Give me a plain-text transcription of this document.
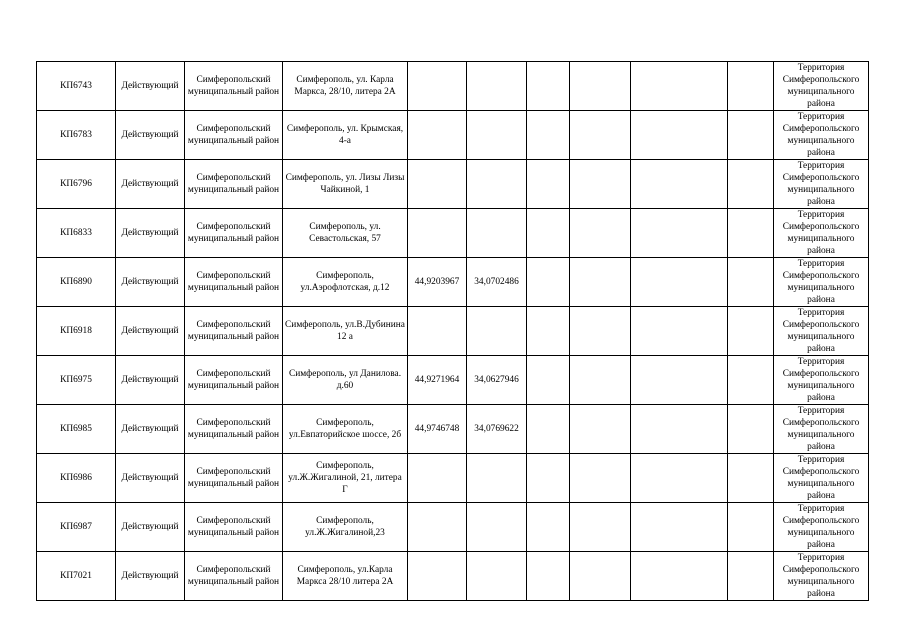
КП6743	Действующий	Симферопольский муниципальный район	Симферополь, ул. Карла Маркса, 28/10, литера 2А							Территория Симферопольского муниципального района
КП6783	Действующий	Симферопольский муниципальный район	Симферополь, ул. Крымская, 4-а							Территория Симферопольского муниципального района
КП6796	Действующий	Симферопольский муниципальный район	Симферополь, ул. Лизы Лизы Чайкиной, 1							Территория Симферопольского муниципального района
КП6833	Действующий	Симферопольский муниципальный район	Симферополь, ул. Севастольская, 57							Территория Симферопольского муниципального района
КП6890	Действующий	Симферопольский муниципальный район	Симферополь, ул.Аэрофлотская, д.12	44,9203967	34,0702486					Территория Симферопольского муниципального района
КП6918	Действующий	Симферопольский муниципальный район	Симферополь, ул.В.Дубинина 12 а							Территория Симферопольского муниципального района
КП6975	Действующий	Симферопольский муниципальный район	Симферополь, ул Данилова. д.60	44,9271964	34,0627946					Территория Симферопольского муниципального района
КП6985	Действующий	Симферопольский муниципальный район	Симферополь, ул.Евпаторийское шоссе, 2б	44,9746748	34,0769622					Территория Симферопольского муниципального района
КП6986	Действующий	Симферопольский муниципальный район	Симферополь, ул.Ж.Жигалиной, 21, литера Г							Территория Симферопольского муниципального района
КП6987	Действующий	Симферопольский муниципальный район	Симферополь, ул.Ж.Жигалиной,23							Территория Симферопольского муниципального района
КП7021	Действующий	Симферопольский муниципальный район	Симферополь, ул.Карла Маркса 28/10 литера 2А							Территория Симферопольского муниципального района
